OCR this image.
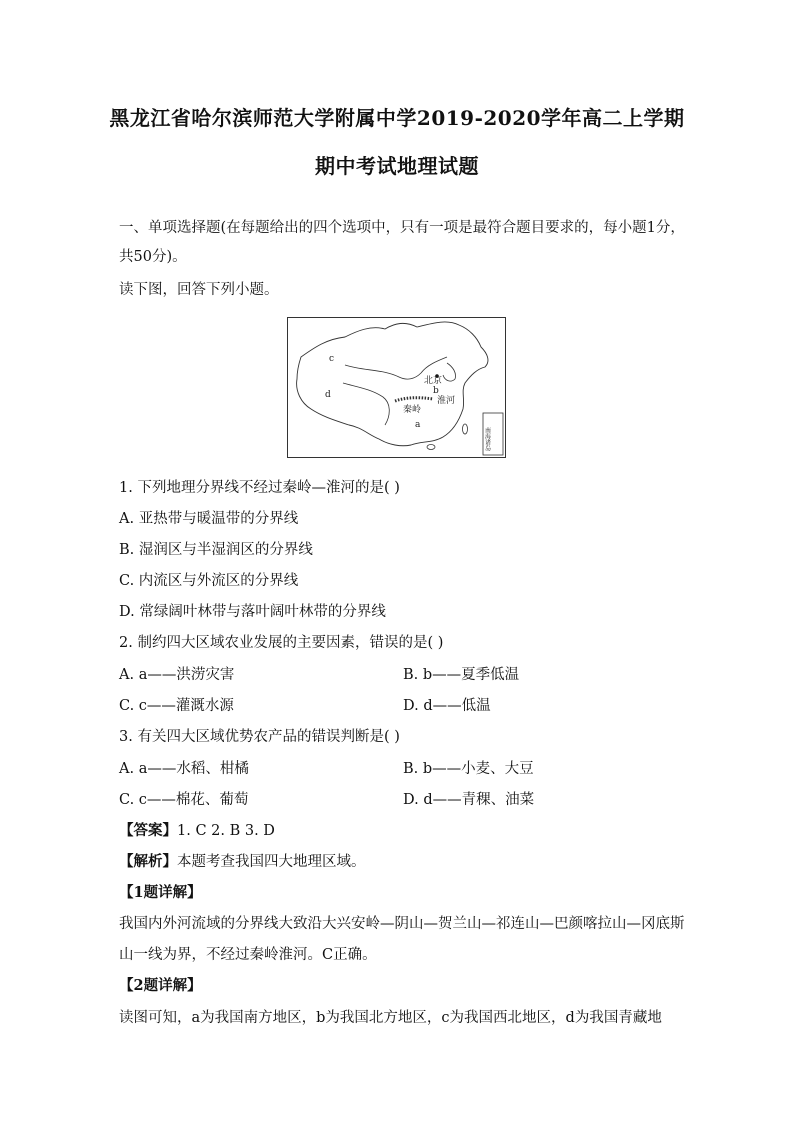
黑龙江省哈尔滨师范大学附属中学2019-2020学年高二上学期
期中考试地理试题
一、单项选择题(在每题给出的四个选项中，只有一项是最符合题目要求的，每小题1分，
共50分)。
读下图，回答下列小题。
c
d
a
b
北京
淮河
秦岭
南海诸岛
1. 下列地理分界线不经过秦岭—淮河的是( )
A. 亚热带与暖温带的分界线
B. 湿润区与半湿润区的分界线
C. 内流区与外流区的分界线
D. 常绿阔叶林带与落叶阔叶林带的分界线
2. 制约四大区域农业发展的主要因素，错误的是( )
A. a——洪涝灾害	B. b——夏季低温
C. c——灌溉水源	D. d——低温
3. 有关四大区域优势农产品的错误判断是( )
A. a——水稻、柑橘	B. b——小麦、大豆
C. c——棉花、葡萄	D. d——青稞、油菜
【答案】1. C 2. B 3. D
【解析】本题考查我国四大地理区域。
【1题详解】
我国内外河流域的分界线大致沿大兴安岭—阴山—贺兰山—祁连山—巴颜喀拉山—冈底斯
山一线为界，不经过秦岭淮河。C正确。
【2题详解】
读图可知，a为我国南方地区，b为我国北方地区，c为我国西北地区，d为我国青藏地
